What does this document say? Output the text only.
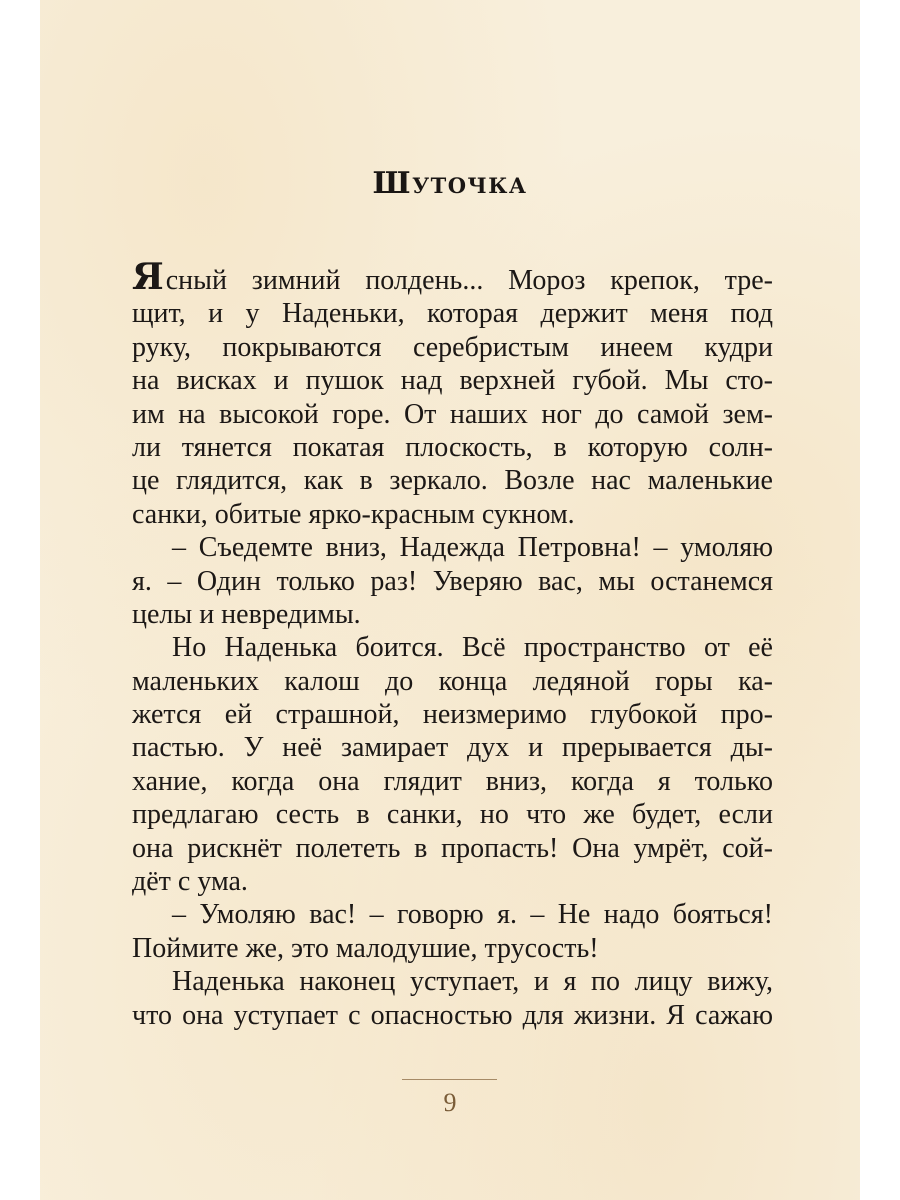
Шуточка
Ясный зимний полдень... Мороз крепок, тре-
щит, и у Наденьки, которая держит меня под
руку, покрываются серебристым инеем кудри
на висках и пушок над верхней губой. Мы сто-
им на высокой горе. От наших ног до самой зем-
ли тянется покатая плоскость, в которую солн-
це глядится, как в зеркало. Возле нас маленькие
санки, обитые ярко-красным сукном.
– Съедемте вниз, Надежда Петровна! – умоляю
я. – Один только раз! Уверяю вас, мы останемся
целы и невредимы.
Но Наденька боится. Всё пространство от её
маленьких калош до конца ледяной горы ка-
жется ей страшной, неизмеримо глубокой про-
пастью. У неё замирает дух и прерывается ды-
хание, когда она глядит вниз, когда я только
предлагаю сесть в санки, но что же будет, если
она рискнёт полететь в пропасть! Она умрёт, сой-
дёт с ума.
– Умоляю вас! – говорю я. – Не надо бояться!
Поймите же, это малодушие, трусость!
Наденька наконец уступает, и я по лицу вижу,
что она уступает с опасностью для жизни. Я сажаю
9
